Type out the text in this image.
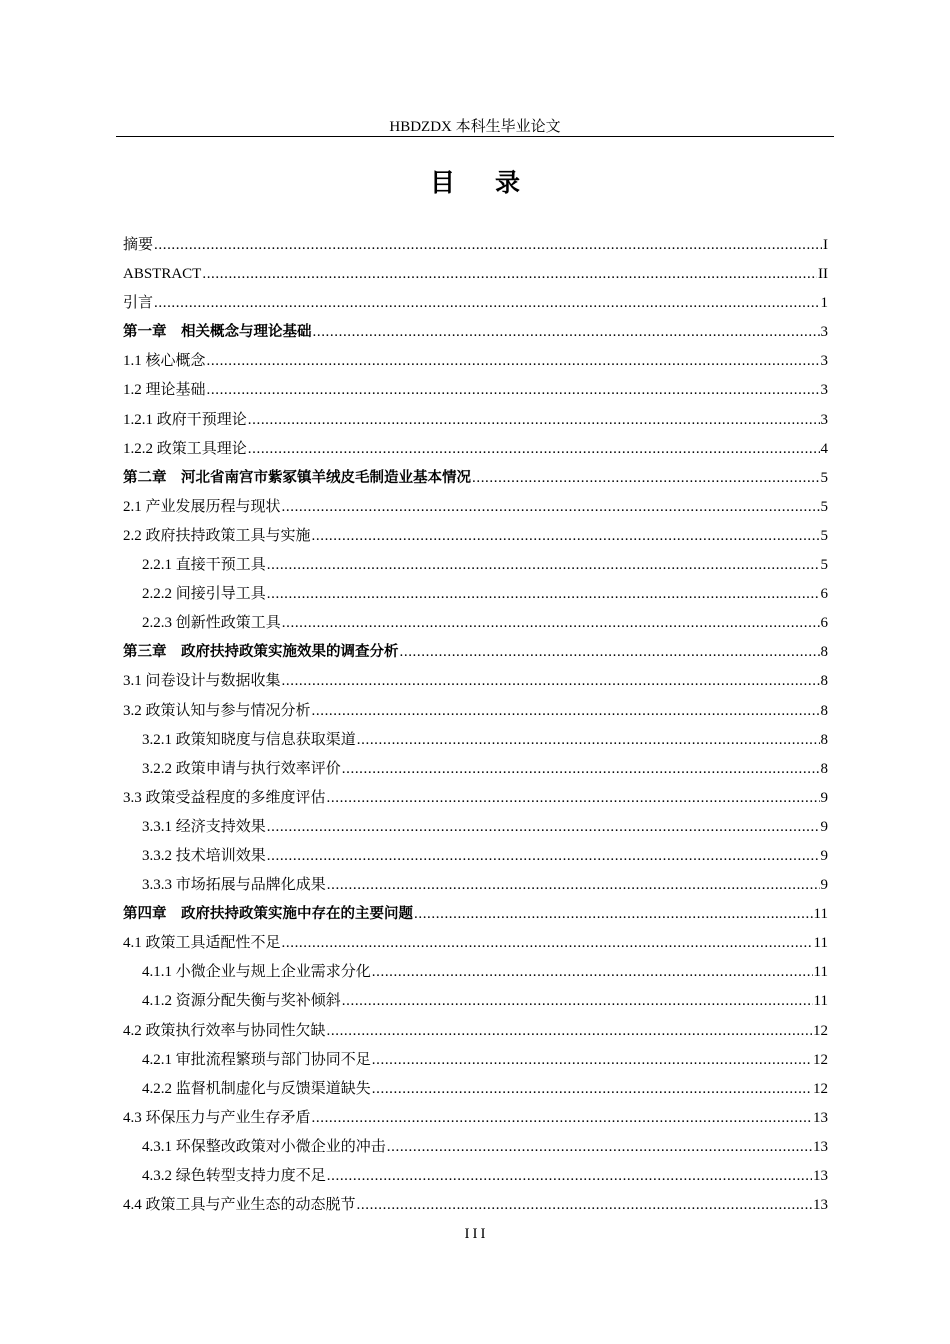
HBDZDX 本科生毕业论文
目录
摘要 .....	I
ABSTRACT .....	II
引言 .....	1
第一章　相关概念与理论基础 .....	3
1.1 核心概念 .....	3
1.2 理论基础 .....	3
1.2.1 政府干预理论 .....	3
1.2.2 政策工具理论 .....	4
第二章　河北省南宫市紫冢镇羊绒皮毛制造业基本情况 .....	5
2.1 产业发展历程与现状 .....	5
2.2 政府扶持政策工具与实施 .....	5
2.2.1 直接干预工具 .....	5
2.2.2 间接引导工具 .....	6
2.2.3 创新性政策工具 .....	6
第三章　政府扶持政策实施效果的调查分析 .....	8
3.1 问卷设计与数据收集 .....	8
3.2 政策认知与参与情况分析 .....	8
3.2.1 政策知晓度与信息获取渠道 .....	8
3.2.2 政策申请与执行效率评价 .....	8
3.3 政策受益程度的多维度评估 .....	9
3.3.1 经济支持效果 .....	9
3.3.2 技术培训效果 .....	9
3.3.3 市场拓展与品牌化成果 .....	9
第四章　政府扶持政策实施中存在的主要问题 .....	11
4.1 政策工具适配性不足 .....	11
4.1.1 小微企业与规上企业需求分化 .....	11
4.1.2 资源分配失衡与奖补倾斜 .....	11
4.2 政策执行效率与协同性欠缺 .....	12
4.2.1 审批流程繁琐与部门协同不足 .....	12
4.2.2 监督机制虚化与反馈渠道缺失 .....	12
4.3 环保压力与产业生存矛盾 .....	13
4.3.1 环保整改政策对小微企业的冲击 .....	13
4.3.2 绿色转型支持力度不足 .....	13
4.4 政策工具与产业生态的动态脱节 .....	13
III
